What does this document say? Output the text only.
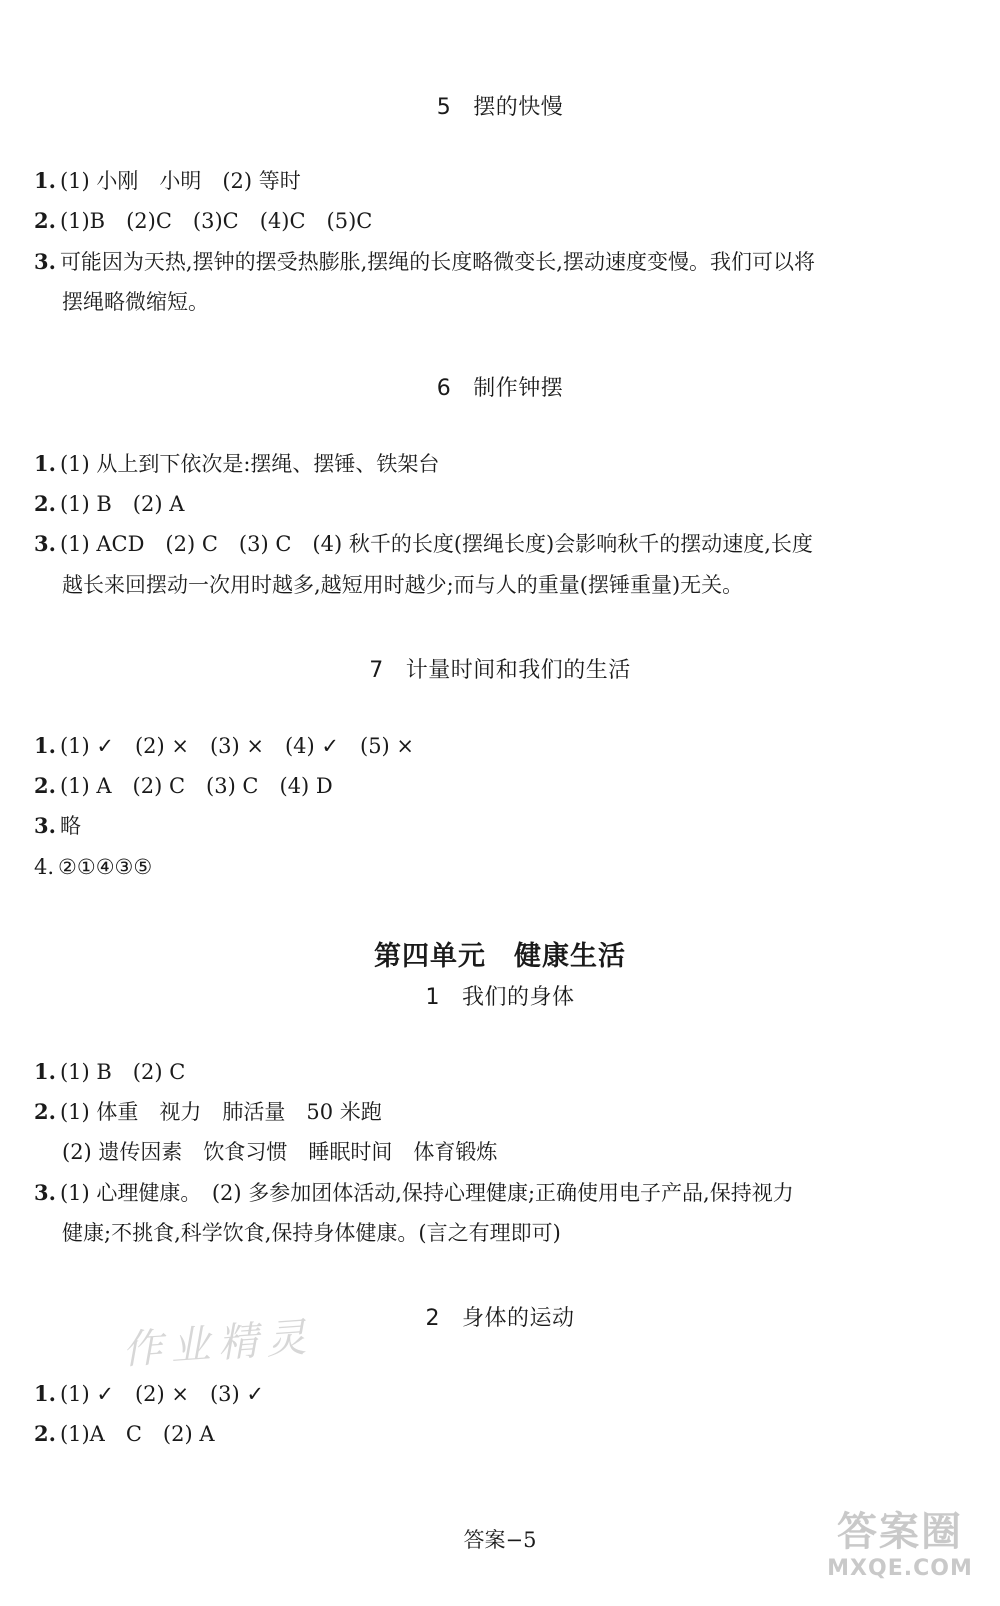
5 摆的快慢
1. (1) 小刚　小明　(2) 等时
2. (1)B　(2)C　(3)C　(4)C　(5)C
3. 可能因为天热,摆钟的摆受热膨胀,摆绳的长度略微变长,摆动速度变慢。我们可以将
摆绳略微缩短。
6 制作钟摆
1. (1) 从上到下依次是:摆绳、摆锤、铁架台
2. (1) B　(2) A
3. (1) ACD　(2) C　(3) C　(4) 秋千的长度(摆绳长度)会影响秋千的摆动速度,长度
越长来回摆动一次用时越多,越短用时越少;而与人的重量(摆锤重量)无关。
7 计量时间和我们的生活
1. (1) ✓　(2) ×　(3) ×　(4) ✓　(5) ×
2. (1) A　(2) C　(3) C　(4) D
3. 略
4. ②①④③⑤
第四单元　健康生活
1 我们的身体
1. (1) B　(2) C
2. (1) 体重　视力　肺活量　50 米跑
(2) 遗传因素　饮食习惯　睡眠时间　体育锻炼
3. (1) 心理健康。　(2) 多参加团体活动,保持心理健康;正确使用电子产品,保持视力
健康;不挑食,科学饮食,保持身体健康。(言之有理即可)
2 身体的运动
作业精灵
1. (1) ✓　(2) ×　(3) ✓
2. (1)A　C　(2) A
答案−5	答案圈
MXQE.COM
